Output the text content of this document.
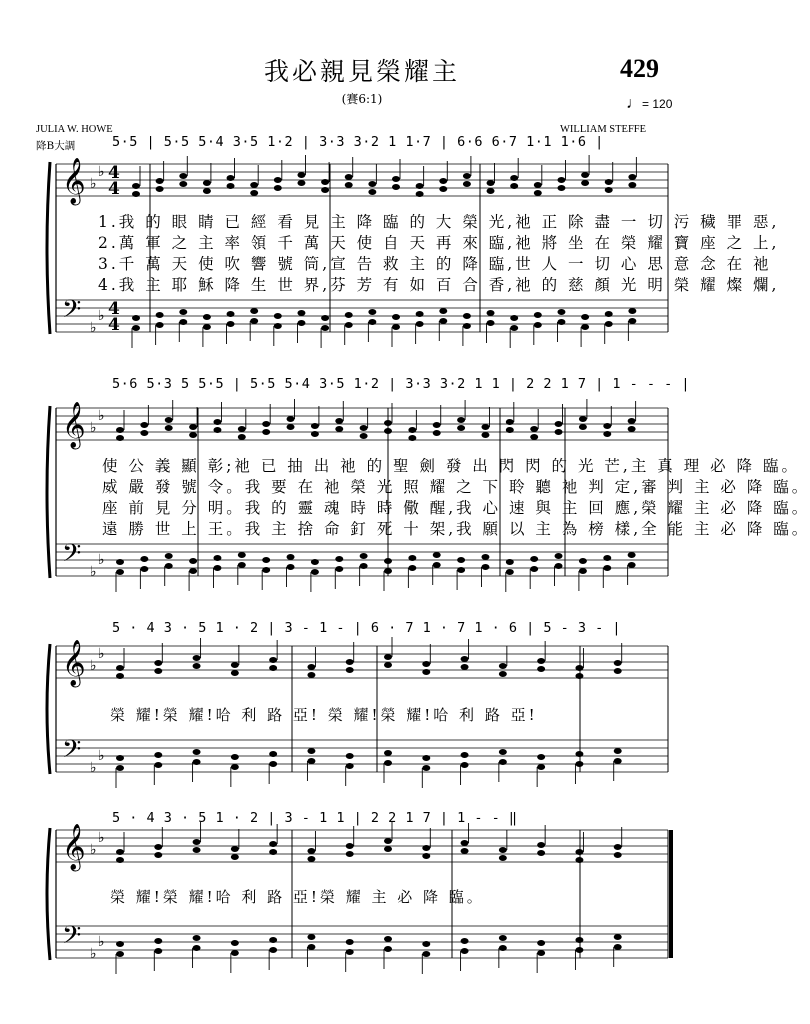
𝄞
𝄢
♭
♭
♭
♭
4
4
4
4
𝄞
𝄢
♭
♭
♭
♭
𝄞
𝄢
♭
♭
♭
♭
𝄞
𝄢
♭
♭
♭
♭
我必親見榮耀主	429
(賽6:1)	♩= 120
JULIA W. HOWE	WILLIAM STEFFE
降B大調	5·5 | 5·5 5·4 3·5 1·2 | 3·3 3·2 1 1·7 | 6·6 6·7 1·1 1·6 |
1.我 的 眼 睛 已 經 看 見 主 降 臨 的 大 榮 光,祂 正 除 盡 一 切 污 穢 罪 惡,
2.萬 軍 之 主 率 領 千 萬 天 使 自 天 再 來 臨,祂 將 坐 在 榮 耀 寶 座 之 上,
3.千 萬 天 使 吹 響 號 筒,宣 告 救 主 的 降 臨,世 人 一 切 心 思 意 念 在 祂
4.我 主 耶 穌 降 生 世 界,芬 芳 有 如 百 合 香,祂 的 慈 顏 光 明 榮 耀 燦 爛,
5·6 5·3 5 5·5 | 5·5 5·4 3·5 1·2 | 3·3 3·2 1 1 | 2 2 1 7 | 1 - - - |
使 公 義 顯 彰;祂 已 抽 出 祂 的 聖 劍 發 出 閃 閃 的 光 芒,主 真 理 必 降 臨。
威 嚴 發 號 令。我 要 在 祂 榮 光 照 耀 之 下 聆 聽 祂 判 定,審 判 主 必 降 臨。
座 前 見 分 明。我 的 靈 魂 時 時 儆 醒,我 心 速 與 主 回 應,榮 耀 主 必 降 臨。
遠 勝 世 上 王。我 主 捨 命 釘 死 十 架,我 願 以 主 為 榜 樣,全 能 主 必 降 臨。
5 · 4 3 · 5 1 · 2 | 3 - 1 - | 6 · 7 1 · 7 1 · 6 | 5 - 3 - |
榮 耀!榮 耀!哈 利 路 亞! 榮 耀!榮 耀!哈 利 路 亞!
5 · 4 3 · 5 1 · 2 | 3 - 1 1 | 2 2 1 7 | 1 - - ‖
榮 耀!榮 耀!哈 利 路 亞!榮 耀 主 必 降 臨。
